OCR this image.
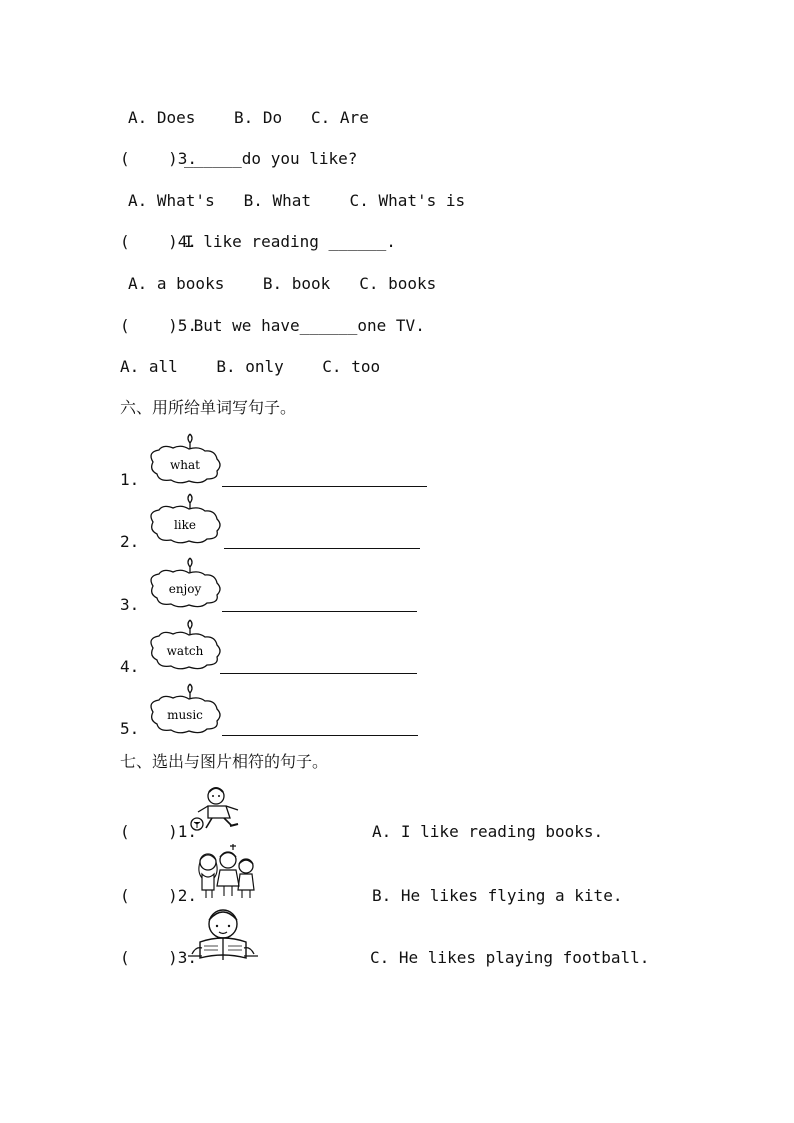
A. Does    B. Do   C. Are
(    )3.
______do you like?
A. What's   B. What    C. What's is
(    )4.
I like reading ______.
A. a books    B. book   C. books
(    )5.
But we have______one TV.
A. all    B. only    C. too
六、用所给单词写句子。
1.
what
2.
like
3.
enjoy
4.
watch
5.
music
七、选出与图片相符的句子。
(    )1.	A. I like reading books.
(    )2.	B. He likes flying a kite.
(    )3.	C. He likes playing football.
